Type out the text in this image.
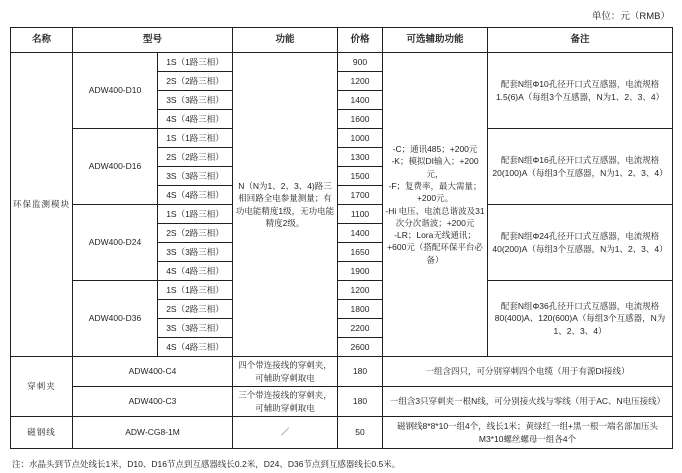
单位：元（RMB）
名称	型号		功能	价格	可选辅助功能	备注
环保监测模块	ADW400-D10	1S（1路三相）	N（N为1、2、3、4)路三相回路全电参量测量；有功电能精度1级，无功电能精度2级。	900	-C；通讯485；+200元
-K；模拟DI输入；+200元，
-F；复费率，最大需量；+200元。
-Hi 电压、电流总谐波及31次分次谐波；+200元
-LR；Lora无线通讯；+600元（搭配环保平台必备）	配套N组Φ10孔径开口式互感器，电流规格1.5(6)A（每组3个互感器，N为1、2、3、4）
		2S（2路三相）		1200		
		3S（3路三相）		1400		
		4S（4路三相）		1600		
	ADW400-D16	1S（1路三相）		1000		配套N组Φ16孔径开口式互感器，电流规格20(100)A（每组3个互感器，N为1、2、3、4）
		2S（2路三相）		1300		
		3S（3路三相）		1500		
		4S（4路三相）		1700		
	ADW400-D24	1S（1路三相）		1100		配套N组Φ24孔径开口式互感器，电流规格40(200)A（每组3个互感器，N为1、2、3、4）
		2S（2路三相）		1400		
		3S（3路三相）		1650		
		4S（4路三相）		1900		
	ADW400-D36	1S（1路三相）		1200		配套N组Φ36孔径开口式互感器，电流规格80(400)A、120(600)A（每组3个互感器，N为1、2、3、4）
		2S（2路三相）		1800		
		3S（3路三相）		2200		
		4S（4路三相）		2600		
穿刺夹	ADW400-C4		四个带连接线的穿刺夹，可辅助穿刺取电	180	一组含四只，可分别穿刺四个电缆（用于有源DI接线）	
	ADW400-C3		三个带连接线的穿刺夹，可辅助穿刺取电	180	一组含3只穿刺夹一根N线，可分别接火线与零线（用于AC、N电压接线）	
磁钢线	ADW-CG8-1M		／	50	磁钢线8*8*10一组4个，线长1米；黄绿红一组+黑一根一端名部加压头M3*10螺丝螺母一组各4个	
注：水晶头到节点处线长1米，D10、D16节点到互感器线长0.2米，D24、D36节点到互感器线长0.5米。
